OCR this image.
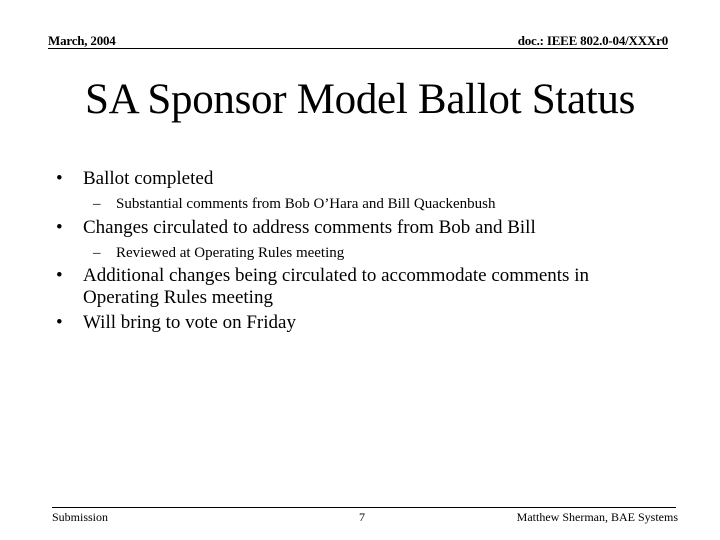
March, 2004	doc.: IEEE 802.0-04/XXXr0
SA Sponsor Model Ballot Status
• Ballot completed
– Substantial comments from Bob O’Hara and Bill Quackenbush
• Changes circulated to address comments from Bob and Bill
– Reviewed at Operating Rules meeting
• Additional changes being circulated to accommodate comments in Operating Rules meeting
• Will bring to vote on Friday
Submission	7	Matthew Sherman, BAE Systems
